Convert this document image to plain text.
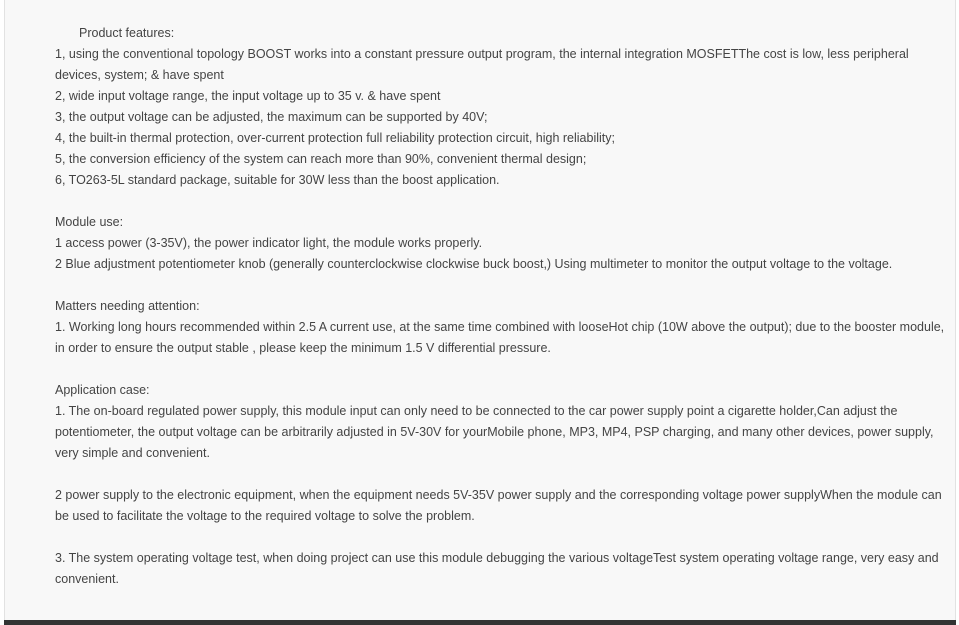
Product features:

1, using the conventional topology BOOST works into a constant pressure output program, the internal integration MOSFETThe cost is low, less peripheral devices, system; & have spent

2, wide input voltage range, the input voltage up to 35 v. & have spent

3, the output voltage can be adjusted, the maximum can be supported by 40V;

4, the built-in thermal protection, over-current protection full reliability protection circuit, high reliability;

5, the conversion efficiency of the system can reach more than 90%, convenient thermal design;

6, TO263-5L standard package, suitable for 30W less than the boost application.

Module use:

1 access power (3-35V), the power indicator light, the module works properly.

2 Blue adjustment potentiometer knob (generally counterclockwise clockwise buck boost,) Using multimeter to monitor the output voltage to the voltage.

Matters needing attention:

1. Working long hours recommended within 2.5 A current use, at the same time combined with looseHot chip (10W above the output); due to the booster module, in order to ensure the output stable , please keep the minimum 1.5 V differential pressure.

Application case:

1. The on-board regulated power supply, this module input can only need to be connected to the car power supply point a cigarette holder,Can adjust the potentiometer, the output voltage can be arbitrarily adjusted in 5V-30V for yourMobile phone, MP3, MP4, PSP charging, and many other devices, power supply, very simple and convenient.

2 power supply to the electronic equipment, when the equipment needs 5V-35V power supply and the corresponding voltage power supplyWhen the module can be used to facilitate the voltage to the required voltage to solve the problem.

3. The system operating voltage test, when doing project can use this module debugging the various voltageTest system operating voltage range, very easy and convenient.
